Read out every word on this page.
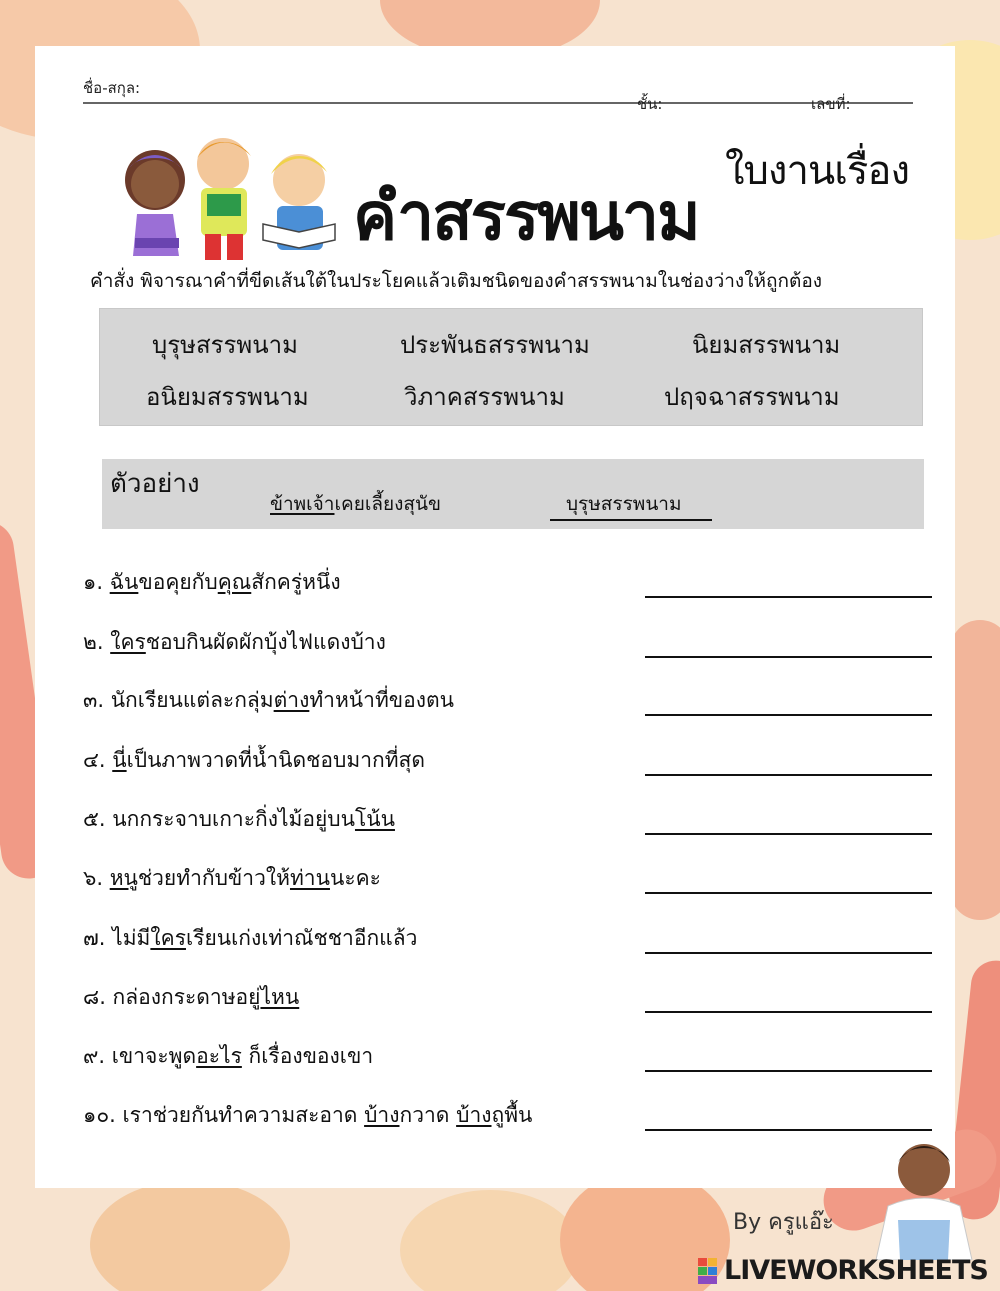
ชื่อ-สกุล:
ชั้น:	เลขที่:
ใบงานเรื่อง
คำสรรพนาม
คำสั่ง พิจารณาคำที่ขีดเส้นใต้ในประโยคแล้วเติมชนิดของคำสรรพนามในช่องว่างให้ถูกต้อง
บุรุษสรรพนาม	ประพันธสรรพนาม	นิยมสรรพนาม
อนิยมสรรพนาม	วิภาคสรรพนาม	ปฤจฉาสรรพนาม
ตัวอย่าง
ข้าพเจ้าเคยเลี้ยงสุนัข	บุรุษสรรพนาม
๑. ฉันขอคุยกับคุณสักครู่หนึ่ง
๒. ใครชอบกินผัดผักบุ้งไฟแดงบ้าง
๓. นักเรียนแต่ละกลุ่มต่างทำหน้าที่ของตน
๔. นี่เป็นภาพวาดที่น้ำนิดชอบมากที่สุด
๕. นกกระจาบเกาะกิ่งไม้อยู่บนโน้น
๖. หนูช่วยทำกับข้าวให้ท่านนะคะ
๗. ไม่มีใครเรียนเก่งเท่าณัชชาอีกแล้ว
๘. กล่องกระดาษอยู่ไหน
๙. เขาจะพูดอะไร ก็เรื่องของเขา
๑๐. เราช่วยกันทำความสะอาด บ้างกวาด บ้างถูพื้น
By ครูแอ๊ะ
LIVEWORKSHEETS
